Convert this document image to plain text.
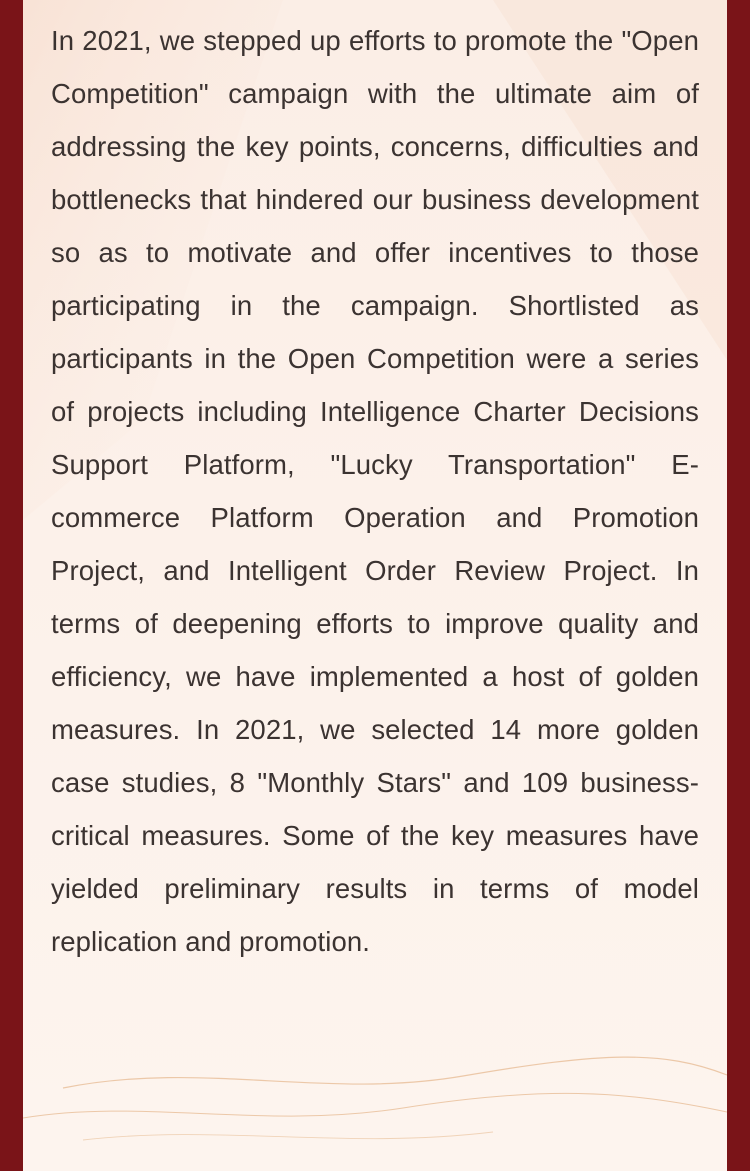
In 2021, we stepped up efforts to promote the "Open Competition" campaign with the ultimate aim of addressing the key points, concerns, difficulties and bottlenecks that hindered our business development so as to motivate and offer incentives to those participating in the campaign. Shortlisted as participants in the Open Competition were a series of projects including Intelligence Charter Decisions Support Platform, "Lucky Transportation" E-commerce Platform Operation and Promotion Project, and Intelligent Order Review Project. In terms of deepening efforts to improve quality and efficiency, we have implemented a host of golden measures. In 2021, we selected 14 more golden case studies, 8 "Monthly Stars" and 109 business-critical measures. Some of the key measures have yielded preliminary results in terms of model replication and promotion.
